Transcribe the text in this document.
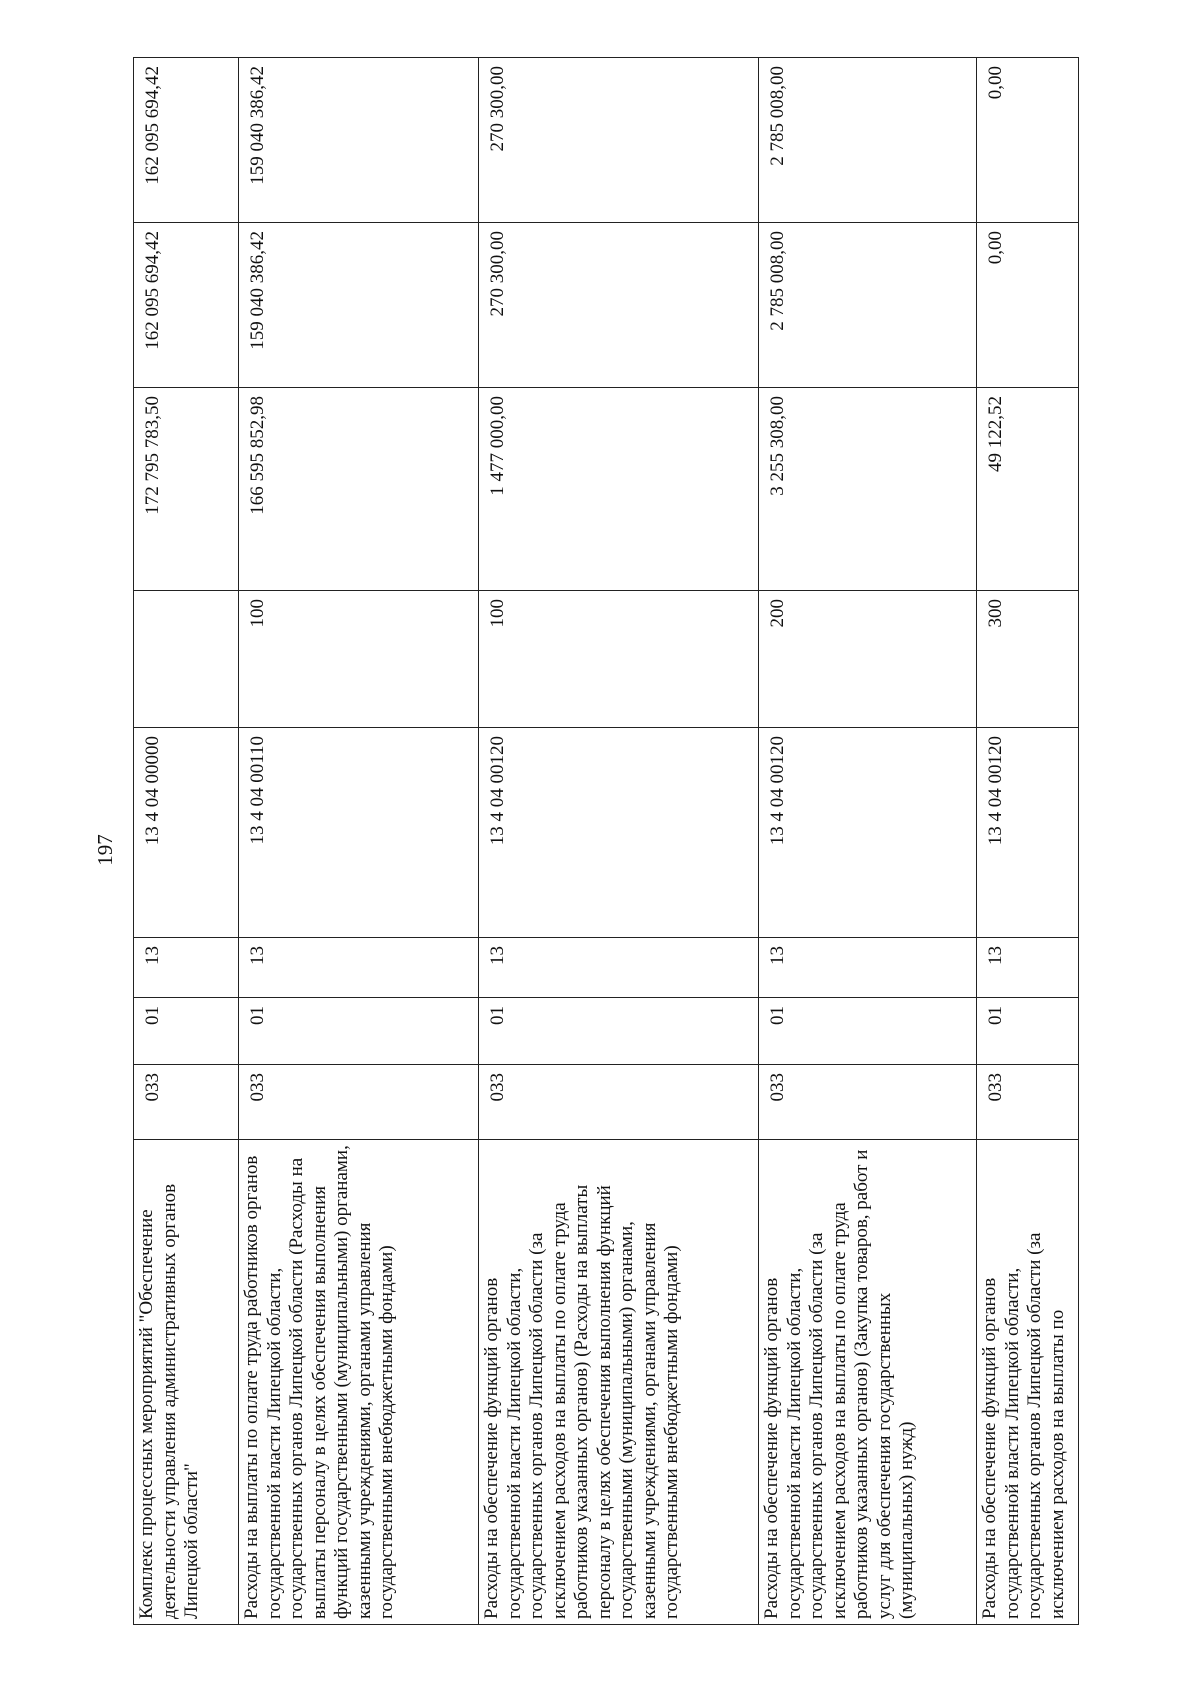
197
Комплекс процессных мероприятий "Обеспечение деятельности управления административных органов Липецкой области"	033	01	13	13 4 04 00000		172 795 783,50	162 095 694,42	162 095 694,42
Расходы на выплаты по оплате труда работников органов государственной власти Липецкой области, государственных органов Липецкой области (Расходы на выплаты персоналу в целях обеспечения выполнения функций государственными (муниципальными) органами, казенными учреждениями, органами управления государственными внебюджетными фондами)	033	01	13	13 4 04 00110	100	166 595 852,98	159 040 386,42	159 040 386,42
Расходы на обеспечение функций органов государственной власти Липецкой области, государственных органов Липецкой области (за исключением расходов на выплаты по оплате труда работников указанных органов) (Расходы на выплаты персоналу в целях обеспечения выполнения функций государственными (муниципальными) органами, казенными учреждениями, органами управления государственными внебюджетными фондами)	033	01	13	13 4 04 00120	100	1 477 000,00	270 300,00	270 300,00
Расходы на обеспечение функций органов государственной власти Липецкой области, государственных органов Липецкой области (за исключением расходов на выплаты по оплате труда работников указанных органов) (Закупка товаров, работ и услуг для обеспечения государственных (муниципальных) нужд)	033	01	13	13 4 04 00120	200	3 255 308,00	2 785 008,00	2 785 008,00
Расходы на обеспечение функций органов государственной власти Липецкой области, государственных органов Липецкой области (за исключением расходов на выплаты по	033	01	13	13 4 04 00120	300	49 122,52	0,00	0,00
